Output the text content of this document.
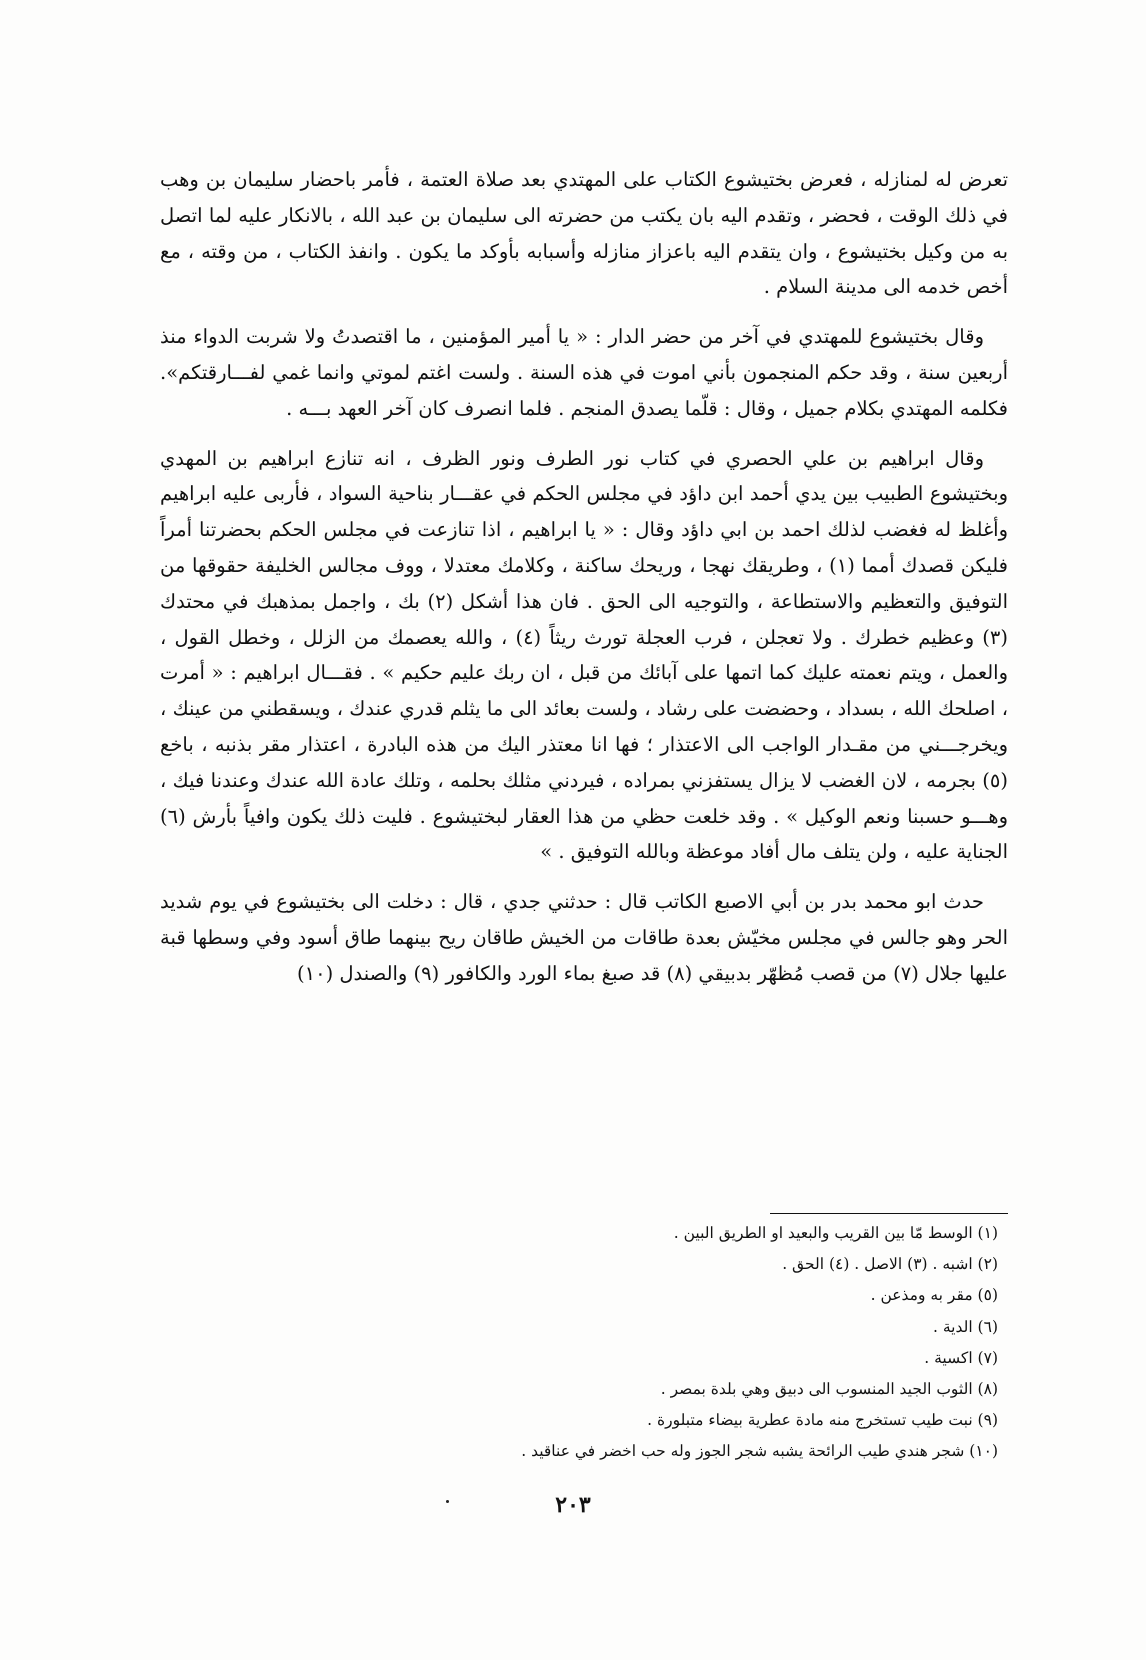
تعرض له لمنازله ، فعرض بختيشوع الكتاب على المهتدي بعد صلاة العتمة ، فأمر باحضار سليمان بن وهب في ذلك الوقت ، فحضر ، وتقدم اليه بان يكتب من حضرته الى سليمان بن عبد الله ، بالانكار عليه لما اتصل به من وكيل بختيشوع ، وان يتقدم اليه باعزاز منازله وأسبابه بأوكد ما يكون . وانفذ الكتاب ، من وقته ، مع أخص خدمه الى مدينة السلام .

وقال بختيشوع للمهتدي في آخر من حضر الدار : « يا أمير المؤمنين ، ما اقتصدتُ ولا شربت الدواء منذ أربعين سنة ، وقد حكم المنجمون بأني اموت في هذه السنة . ولست اغتم لموتي وانما غمي لفـــارقتكم». فكلمه المهتدي بكلام جميل ، وقال : قلّما يصدق المنجم . فلما انصرف كان آخر العهد بـــه .

وقال ابراهيم بن علي الحصري في كتاب نور الطرف ونور الظرف ، انه تنازع ابراهيم بن المهدي وبختيشوع الطبيب بين يدي أحمد ابن داؤد في مجلس الحكم في عقـــار بناحية السواد ، فأربى عليه ابراهيم وأغلظ له فغضب لذلك احمد بن ابي داؤد وقال : « يا ابراهيم ، اذا تنازعت في مجلس الحكم بحضرتنا أمراً فليكن قصدك أمما (١) ، وطريقك نهجا ، وريحك ساكنة ، وكلامك معتدلا ، ووف مجالس الخليفة حقوقها من التوفيق والتعظيم والاستطاعة ، والتوجيه الى الحق . فان هذا أشكل (٢) بك ، واجمل بمذهبك في محتدك (٣) وعظيم خطرك . ولا تعجلن ، فرب العجلة تورث ريثاً (٤) ، والله يعصمك من الزلل ، وخطل القول ، والعمل ، ويتم نعمته عليك كما اتمها على آبائك من قبل ، ان ربك عليم حكيم » . فقـــال ابراهيم : « أمرت ، اصلحك الله ، بسداد ، وحضضت على رشاد ، ولست بعائد الى ما يثلم قدري عندك ، ويسقطني من عينك ، ويخرجـــني من مقـدار الواجب الى الاعتذار ؛ فها انا معتذر اليك من هذه البادرة ، اعتذار مقر بذنبه ، باخع (٥) بجرمه ، لان الغضب لا يزال يستفزني بمراده ، فيردني مثلك بحلمه ، وتلك عادة الله عندك وعندنا فيك ، وهـــو حسبنا ونعم الوكيل » . وقد خلعت حظي من هذا العقار لبختيشوع . فليت ذلك يكون وافياً بأرش (٦) الجناية عليه ، ولن يتلف مال أفاد موعظة وبالله التوفيق . »

حدث ابو محمد بدر بن أبي الاصبع الكاتب قال : حدثني جدي ، قال : دخلت الى بختيشوع في يوم شديد الحر وهو جالس في مجلس مخيّش بعدة طاقات من الخيش طاقان ريح بينهما طاق أسود وفي وسطها قبة عليها جلال (٧) من قصب مُظهّر بدبيقي (٨) قد صبغ بماء الورد والكافور (٩) والصندل (١٠)

(١) الوسط مّا بين القريب والبعيد او الطريق البين .

(٢) اشبه . (٣) الاصل . (٤) الحق .

(٥) مقر به ومذعن .

(٦) الدية .

(٧) اكسية .

(٨) الثوب الجيد المنسوب الى دبيق وهي بلدة بمصر .

(٩) نبت طيب تستخرج منه مادة عطرية بيضاء متبلورة .

(١٠) شجر هندي طيب الرائحة يشبه شجر الجوز وله حب اخضر في عناقيد .

٢٠٣
